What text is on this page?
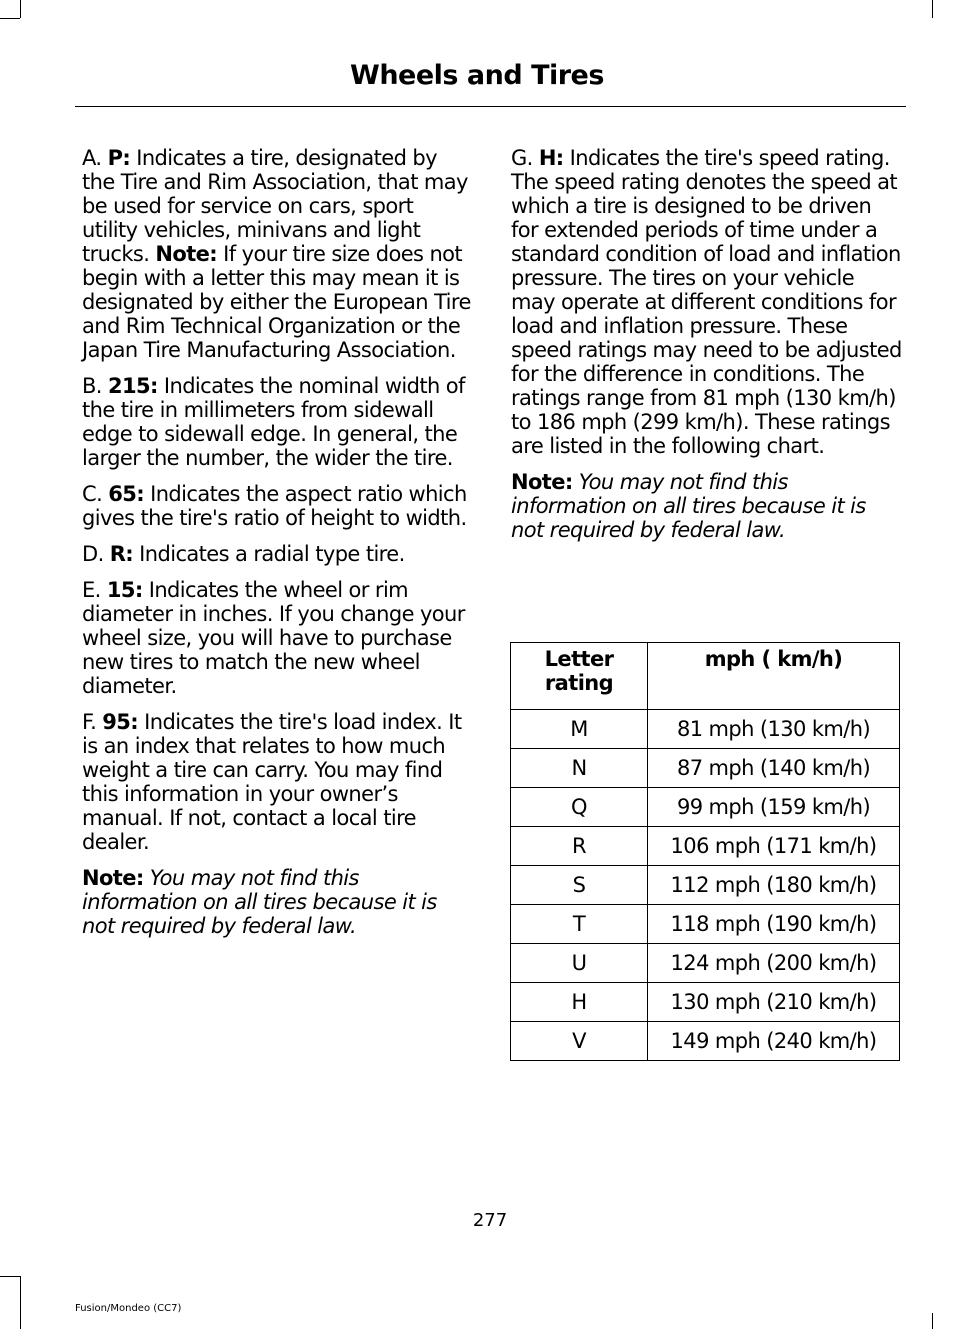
Wheels and Tires

A. P: Indicates a tire, designated by the Tire and Rim Association, that may be used for service on cars, sport utility vehicles, minivans and light trucks. Note: If your tire size does not begin with a letter this may mean it is designated by either the European Tire and Rim Technical Organization or the Japan Tire Manufacturing Association.

B. 215: Indicates the nominal width of the tire in millimeters from sidewall edge to sidewall edge. In general, the larger the number, the wider the tire.

C. 65: Indicates the aspect ratio which gives the tire's ratio of height to width.

D. R: Indicates a radial type tire.

E. 15: Indicates the wheel or rim diameter in inches. If you change your wheel size, you will have to purchase new tires to match the new wheel diameter.

F. 95: Indicates the tire's load index. It is an index that relates to how much weight a tire can carry. You may find this information in your owner’s manual. If not, contact a local tire dealer.

Note: You may not find this information on all tires because it is not required by federal law.

G. H: Indicates the tire's speed rating. The speed rating denotes the speed at which a tire is designed to be driven for extended periods of time under a standard condition of load and inflation pressure. The tires on your vehicle may operate at different conditions for load and inflation pressure. These speed ratings may need to be adjusted for the difference in conditions. The ratings range from 81 mph (130 km/h) to 186 mph (299 km/h). These ratings are listed in the following chart.

Note: You may not find this information on all tires because it is not required by federal law.

Letter rating	mph ( km/h)
M	81 mph (130 km/h)
N	87 mph (140 km/h)
Q	99 mph (159 km/h)
R	106 mph (171 km/h)
S	112 mph (180 km/h)
T	118 mph (190 km/h)
U	124 mph (200 km/h)
H	130 mph (210 km/h)
V	149 mph (240 km/h)
277
Fusion/Mondeo (CC7)
